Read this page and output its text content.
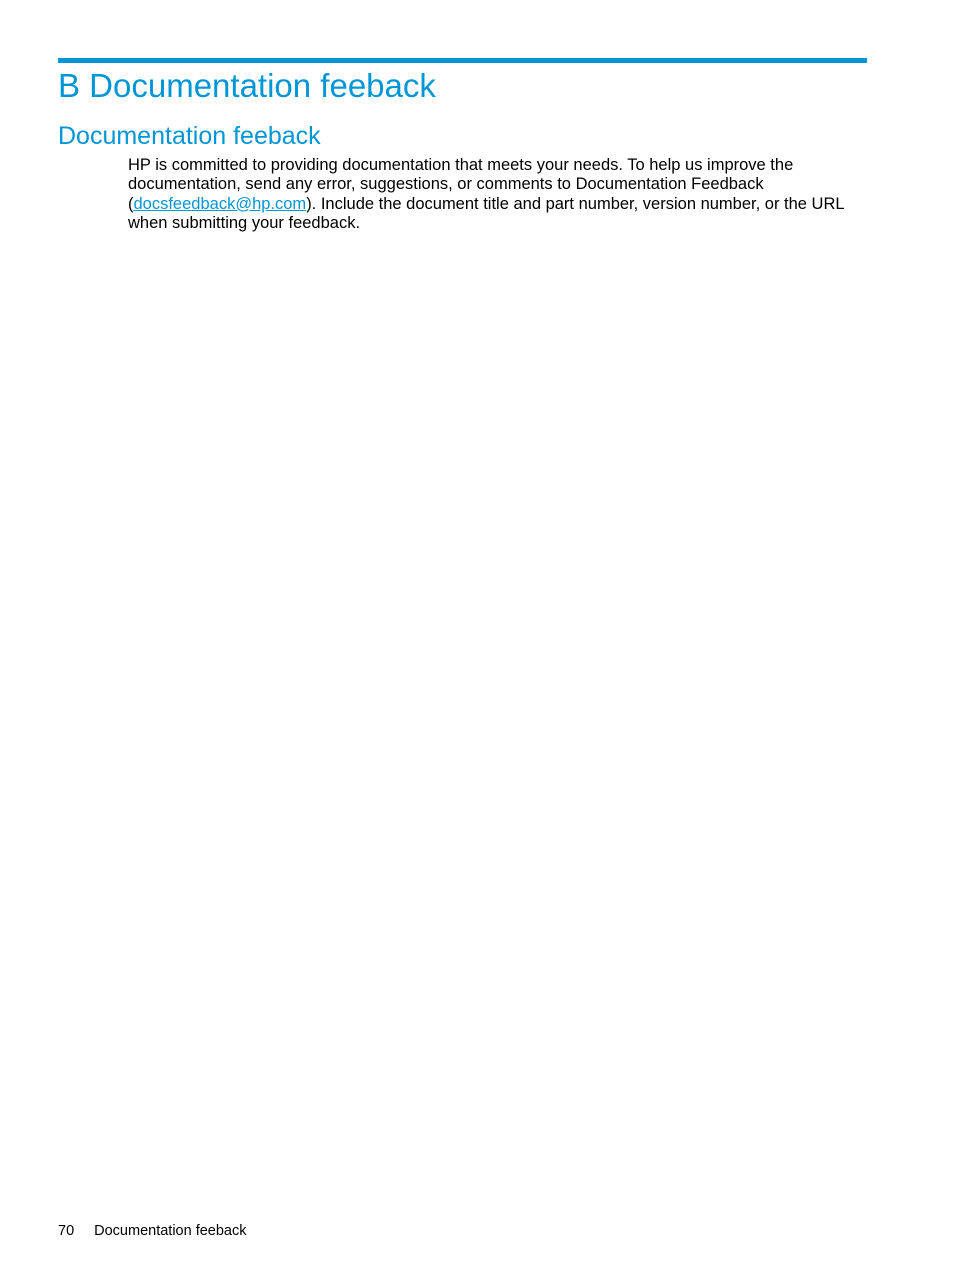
B Documentation feeback
Documentation feeback

HP is committed to providing documentation that meets your needs. To help us improve the documentation, send any error, suggestions, or comments to Documentation Feedback (docsfeedback@hp.com). Include the document title and part number, version number, or the URL when submitting your feedback.

70 Documentation feeback
